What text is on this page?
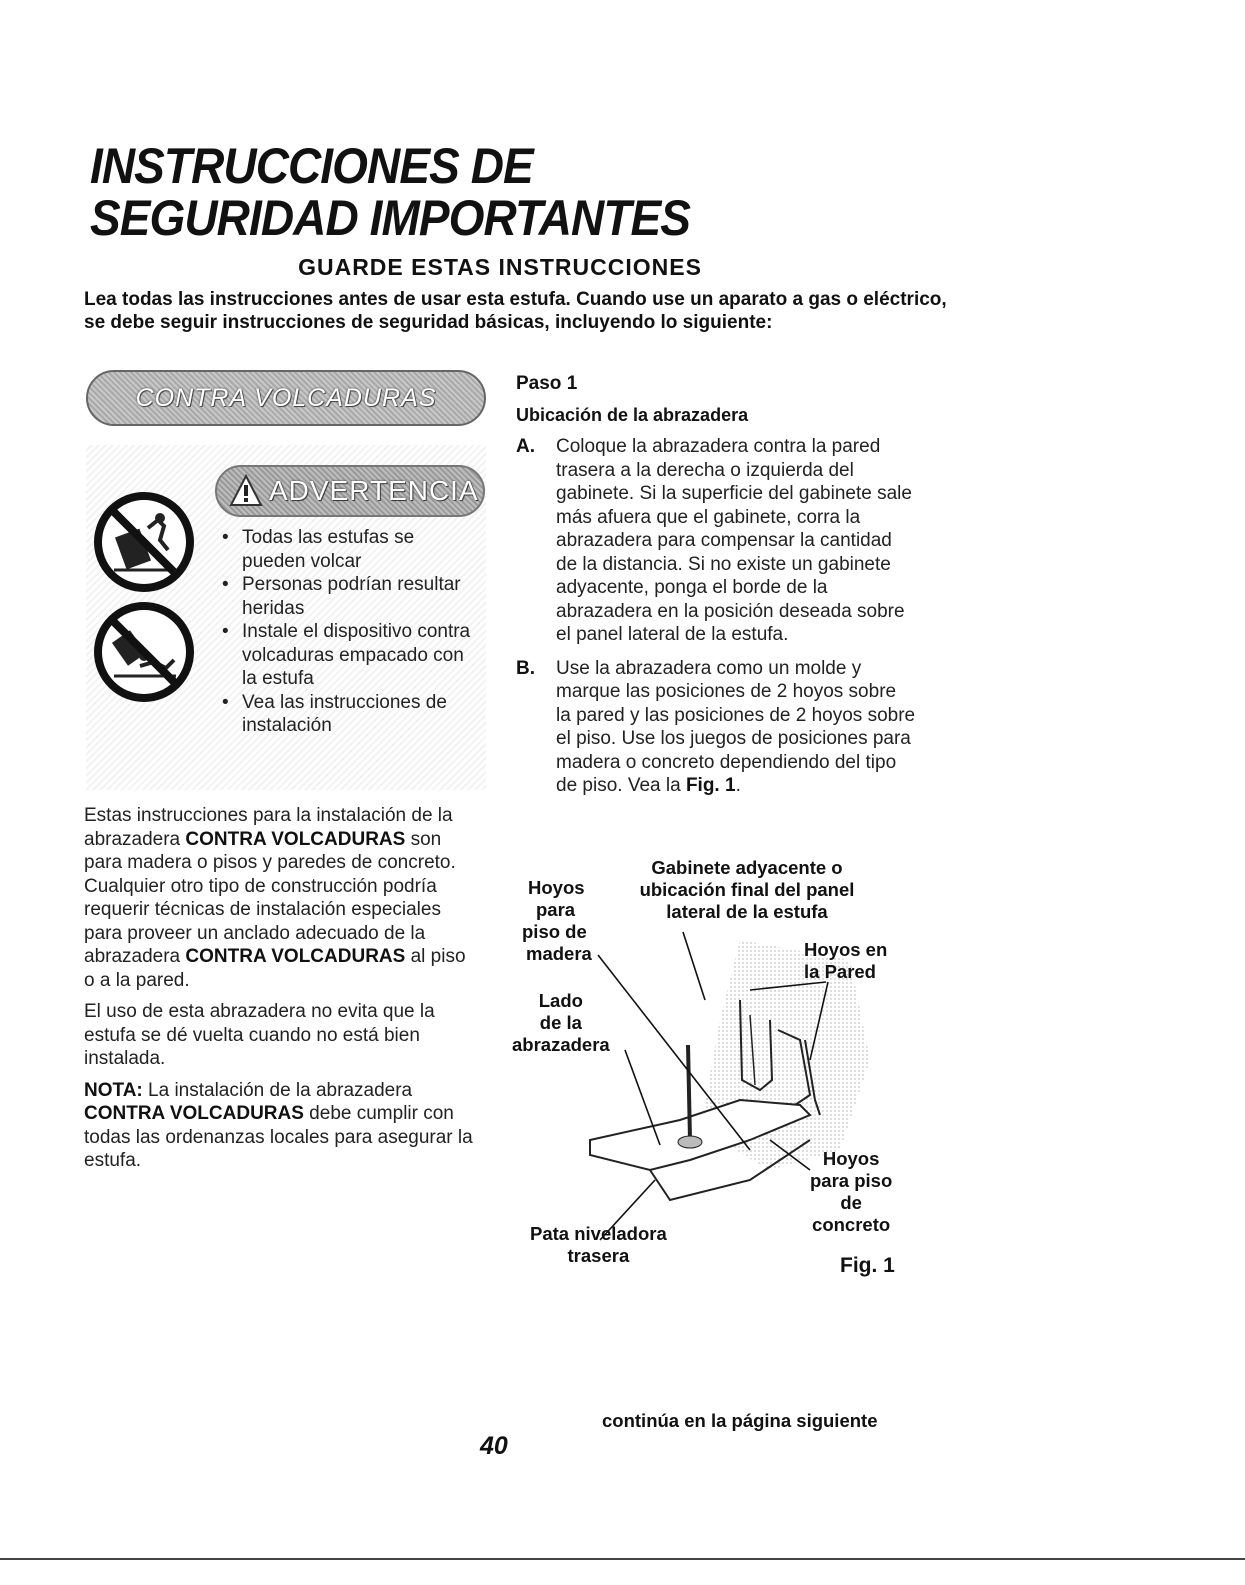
INSTRUCCIONES DE
SEGURIDAD IMPORTANTES
GUARDE ESTAS INSTRUCCIONES
Lea todas las instrucciones antes de usar esta estufa. Cuando use un aparato a gas o eléctrico, se debe seguir instrucciones de seguridad básicas, incluyendo lo siguiente:
CONTRA VOLCADURAS
ADVERTENCIA
• Todas las estufas se pueden volcar
• Personas podrían resultar heridas
• Instale el dispositivo contra volcaduras empacado con la estufa
• Vea las instrucciones de instalación

Estas instrucciones para la instalación de la abrazadera CONTRA VOLCADURAS son para madera o pisos y paredes de concreto. Cualquier otro tipo de construcción podría requerir técnicas de instalación especiales para proveer un anclado adecuado de la abrazadera CONTRA VOLCADURAS al piso o a la pared.

El uso de esta abrazadera no evita que la estufa se dé vuelta cuando no está bien instalada.

NOTA: La instalación de la abrazadera CONTRA VOLCADURAS debe cumplir con todas las ordenanzas locales para asegurar la estufa.

Paso 1
Ubicación de la abrazadera
A. Coloque la abrazadera contra la pared trasera a la derecha o izquierda del gabinete. Si la superficie del gabinete sale más afuera que el gabinete, corra la abrazadera para compensar la cantidad de la distancia. Si no existe un gabinete adyacente, ponga el borde de la abrazadera en la posición deseada sobre el panel lateral de la estufa.
B. Use la abrazadera como un molde y marque las posiciones de 2 hoyos sobre la pared y las posiciones de 2 hoyos sobre el piso. Use los juegos de posiciones para madera o concreto dependiendo del tipo de piso. Vea la Fig. 1.
Gabinete adyacente o
ubicación final del panel
lateral de la estufa
Hoyos
para
piso de
madera	Hoyos en
la Pared
Lado
de la
abrazadera
Hoyos
para piso
de
concreto
Pata niveladora
trasera	Fig. 1
continúa en la página siguiente
40
